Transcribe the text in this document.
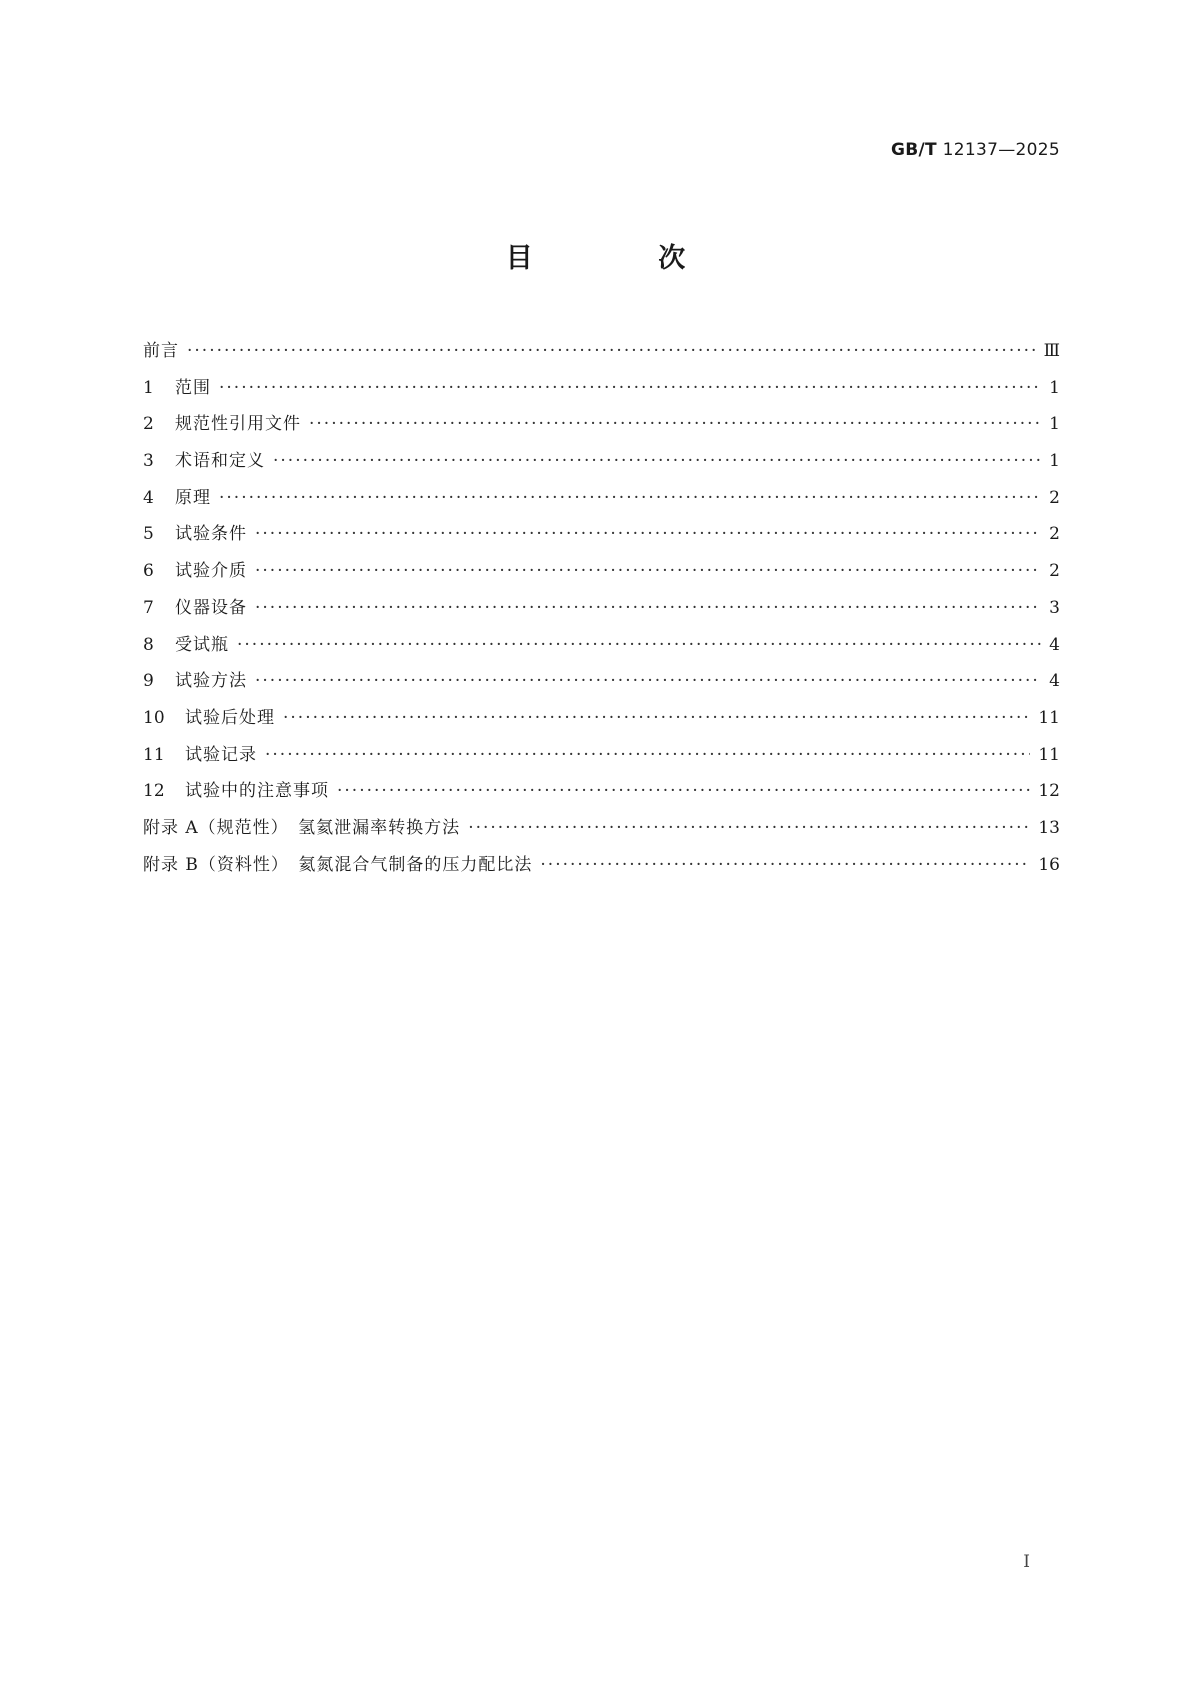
GB/T 12137—2025
目 次
前言 ·····	Ⅲ
1	范围 ·····	1
2	规范性引用文件 ·····	1
3	术语和定义 ·····	1
4	原理 ·····	2
5	试验条件 ·····	2
6	试验介质 ·····	2
7	仪器设备 ·····	3
8	受试瓶 ·····	4
9	试验方法 ·····	4
10	试验后处理 ·····	11
11	试验记录 ·····	11
12	试验中的注意事项 ·····	12
附录 A（规范性）　氢氦泄漏率转换方法 ·····	13
附录 B（资料性）　氦氮混合气制备的压力配比法 ·····	16
Ⅰ
